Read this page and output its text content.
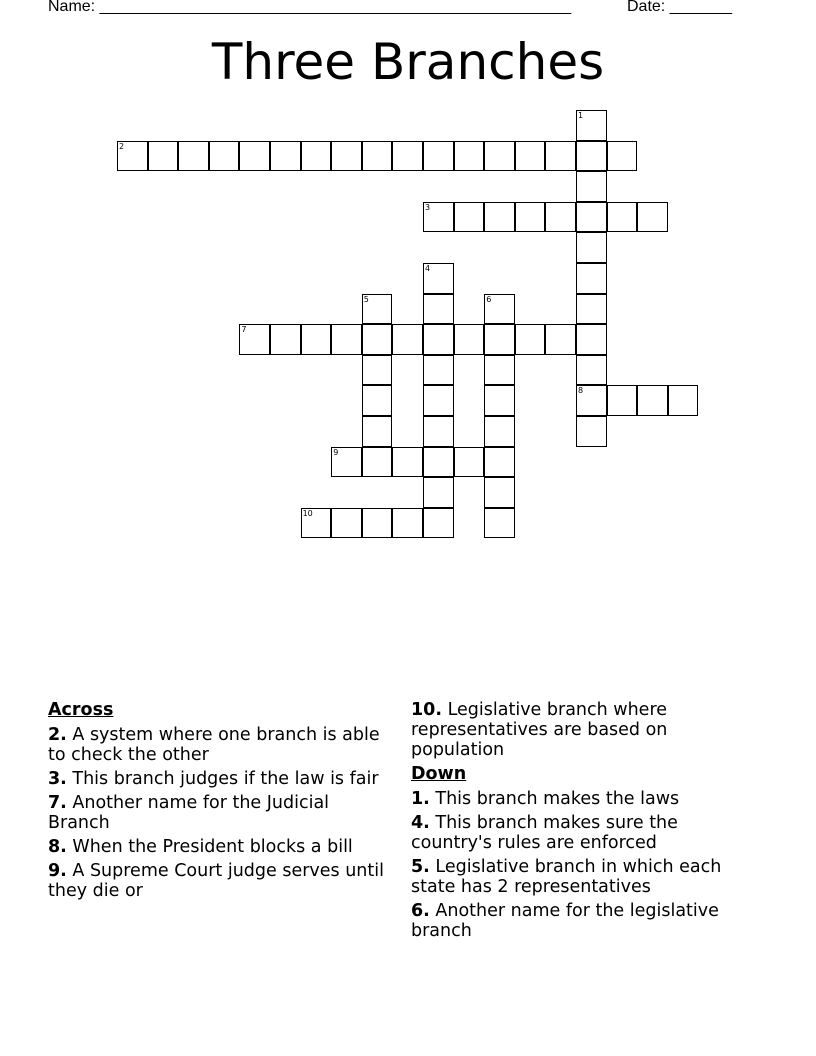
Name: _____________________________________________________	Date: _______
Three Branches
1
2
3
4
5	6
7
8
9
10
Across
2. A system where one branch is able to check the other
3. This branch judges if the law is fair
7. Another name for the Judicial Branch
8. When the President blocks a bill
9. A Supreme Court judge serves until they die or
10. Legislative branch where representatives are based on population
Down
1. This branch makes the laws
4. This branch makes sure the country's rules are enforced
5. Legislative branch in which each state has 2 representatives
6. Another name for the legislative branch
